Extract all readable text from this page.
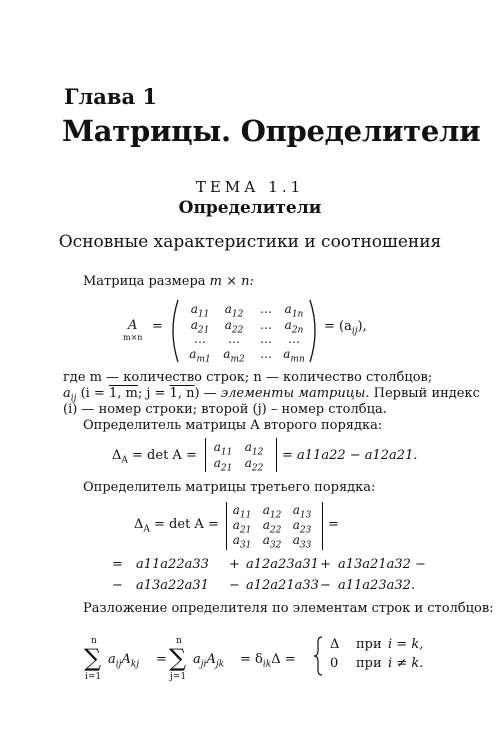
Глава 1
Матрицы. Определители
ТЕМА 1.1
Определители
Основные характеристики и соотношения
Матрица размера m × n:
A
m×n
=
$a_{11}$	$a_{12}$	…	$a_{1n}$
$a_{21}$	$a_{22}$	…	$a_{2n}$
…	…	…	…
$a_{m1}$	$a_{m2}$	… $a_{mn}$
= $(a_{ij})$,
где m — количество строк; n — количество столбцов;
$a_{ij}$ (i = 1, m; j = 1, n) — элементы матрицы. Первый индекс
(i) — номер строки; второй (j) – номер столбца.
Определитель матрицы A второго порядка:
$\Delta_A = \det A$ =
$a_{11}$	$a_{12}$
$a_{21}$	$a_{22}$
= a11a22 − a12a21.
Определитель матрицы третьего порядка:
$\Delta_A = \det A$ =
$a_{11}$ $a_{12}$ $a_{13}$
$a_{21}$ $a_{22}$ $a_{23}$
$a_{31}$ $a_{32}$ $a_{33}$
=
= a11a22a33 + a12a23a31 + a13a21a32 −
− a13a22a31 − a12a21a33 − a11a23a32.
Разложение определителя по элементам строк и столбцов:
n
∑
i=1
$a_{ij}A_{kj}$ =
n
∑
j=1
$a_{ji}A_{jk} = \delta_{ik}\Delta$ =
Δ при i = k,
0 при i ≠ k.
